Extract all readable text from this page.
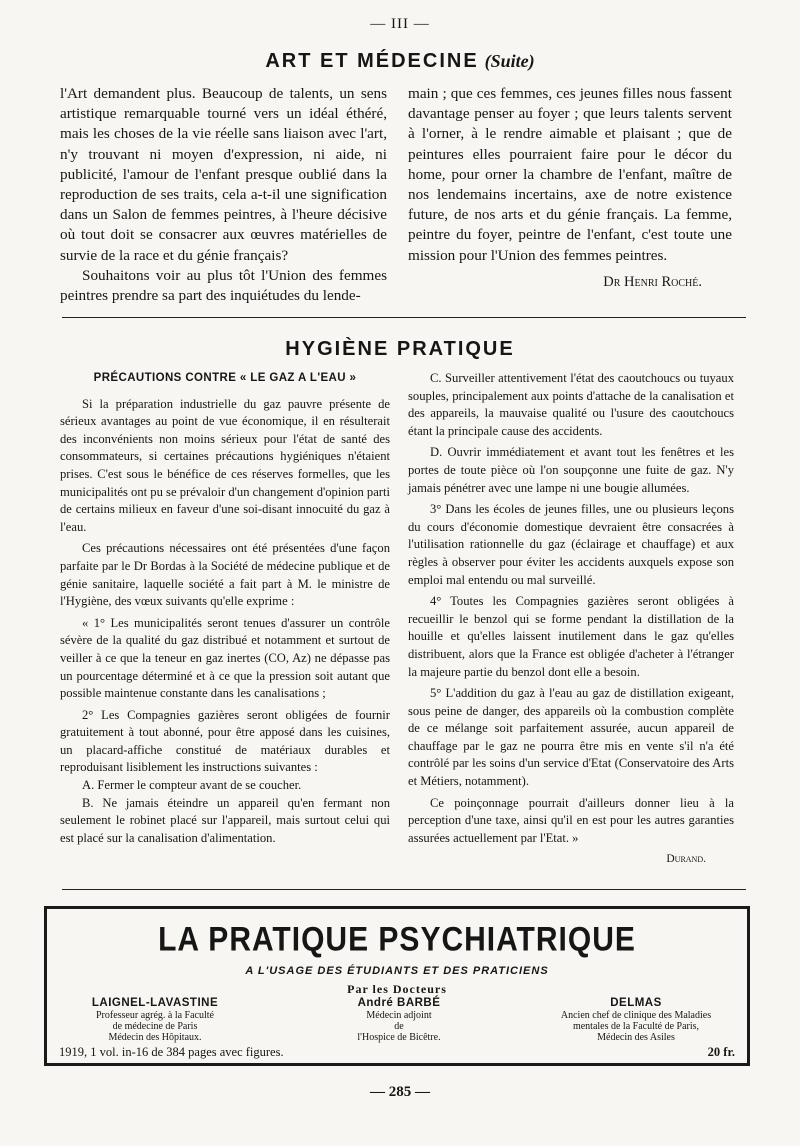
— III —
ART ET MÉDECINE (Suite)

l'Art demandent plus. Beaucoup de talents, un sens artistique remarquable tourné vers un idéal éthéré, mais les choses de la vie réelle sans liaison avec l'art, n'y trouvant ni moyen d'expression, ni aide, ni publicité, l'amour de l'enfant presque oublié dans la reproduction de ses traits, cela a-t-il une signification dans un Salon de femmes peintres, à l'heure décisive où tout doit se consacrer aux œuvres matérielles de survie de la race et du génie français?

Souhaitons voir au plus tôt l'Union des femmes peintres prendre sa part des inquiétudes du lende-

main ; que ces femmes, ces jeunes filles nous fassent davantage penser au foyer ; que leurs talents servent à l'orner, à le rendre aimable et plaisant ; que de peintures elles pourraient faire pour le décor du home, pour orner la chambre de l'enfant, maître de nos lendemains incertains, axe de notre existence future, de nos arts et du génie français. La femme, peintre du foyer, peintre de l'enfant, c'est toute une mission pour l'Union des femmes peintres.

Dr Henri Roché.

HYGIÈNE PRATIQUE

PRÉCAUTIONS CONTRE « LE GAZ A L'EAU »

Si la préparation industrielle du gaz pauvre présente de sérieux avantages au point de vue économique, il en résulterait des inconvénients non moins sérieux pour l'état de santé des consommateurs, si certaines précautions hygiéniques n'étaient prises. C'est sous le bénéfice de ces réserves formelles, que les municipalités ont pu se prévaloir d'un changement d'opinion parti de certains milieux en faveur d'une soi-disant innocuité du gaz à l'eau.

Ces précautions nécessaires ont été présentées d'une façon parfaite par le Dr Bordas à la Société de médecine publique et de génie sanitaire, laquelle société a fait part à M. le ministre de l'Hygiène, des vœux suivants qu'elle exprime :

« 1° Les municipalités seront tenues d'assurer un contrôle sévère de la qualité du gaz distribué et notamment et surtout de veiller à ce que la teneur en gaz inertes (CO, Az) ne dépasse pas un pourcentage déterminé et à ce que la pression soit autant que possible maintenue constante dans les canalisations ;

2° Les Compagnies gazières seront obligées de fournir gratuitement à tout abonné, pour être apposé dans les cuisines, un placard-affiche constitué de matériaux durables et reproduisant lisiblement les instructions suivantes :

A. Fermer le compteur avant de se coucher.

B. Ne jamais éteindre un appareil qu'en fermant non seulement le robinet placé sur l'appareil, mais surtout celui qui est placé sur la canalisation d'alimentation.

C. Surveiller attentivement l'état des caoutchoucs ou tuyaux souples, principalement aux points d'attache de la canalisation et des appareils, la mauvaise qualité ou l'usure des caoutchoucs étant la principale cause des accidents.

D. Ouvrir immédiatement et avant tout les fenêtres et les portes de toute pièce où l'on soupçonne une fuite de gaz. N'y jamais pénétrer avec une lampe ni une bougie allumées.

3° Dans les écoles de jeunes filles, une ou plusieurs leçons du cours d'économie domestique devraient être consacrées à l'utilisation rationnelle du gaz (éclairage et chauffage) et aux règles à observer pour éviter les accidents auxquels expose son emploi mal entendu ou mal surveillé.

4° Toutes les Compagnies gazières seront obligées à recueillir le benzol qui se forme pendant la distillation de la houille et qu'elles laissent inutilement dans le gaz qu'elles distribuent, alors que la France est obligée d'acheter à l'étranger la majeure partie du benzol dont elle a besoin.

5° L'addition du gaz à l'eau au gaz de distillation exigeant, sous peine de danger, des appareils où la combustion complète de ce mélange soit parfaitement assurée, aucun appareil de chauffage par le gaz ne pourra être mis en vente s'il n'a été contrôlé par les soins d'un service d'Etat (Conservatoire des Arts et Métiers, notamment).

Ce poinçonnage pourrait d'ailleurs donner lieu à la perception d'une taxe, ainsi qu'il en est pour les autres garanties assurées actuellement par l'Etat. »

Durand.

LA PRATIQUE PSYCHIATRIQUE
A L'USAGE DES ÉTUDIANTS ET DES PRATICIENS
Par les Docteurs
LAIGNEL-LAVASTINE
Professeur agrég. à la Faculté
de médecine de Paris
Médecin des Hôpitaux.
André BARBÉ
Médecin adjoint
de
l'Hospice de Bicêtre.
DELMAS
Ancien chef de clinique des Maladies
mentales de la Faculté de Paris,
Médecin des Asiles
1919, 1 vol. in-16 de 384 pages avec figures.	20 fr.
— 285 —
